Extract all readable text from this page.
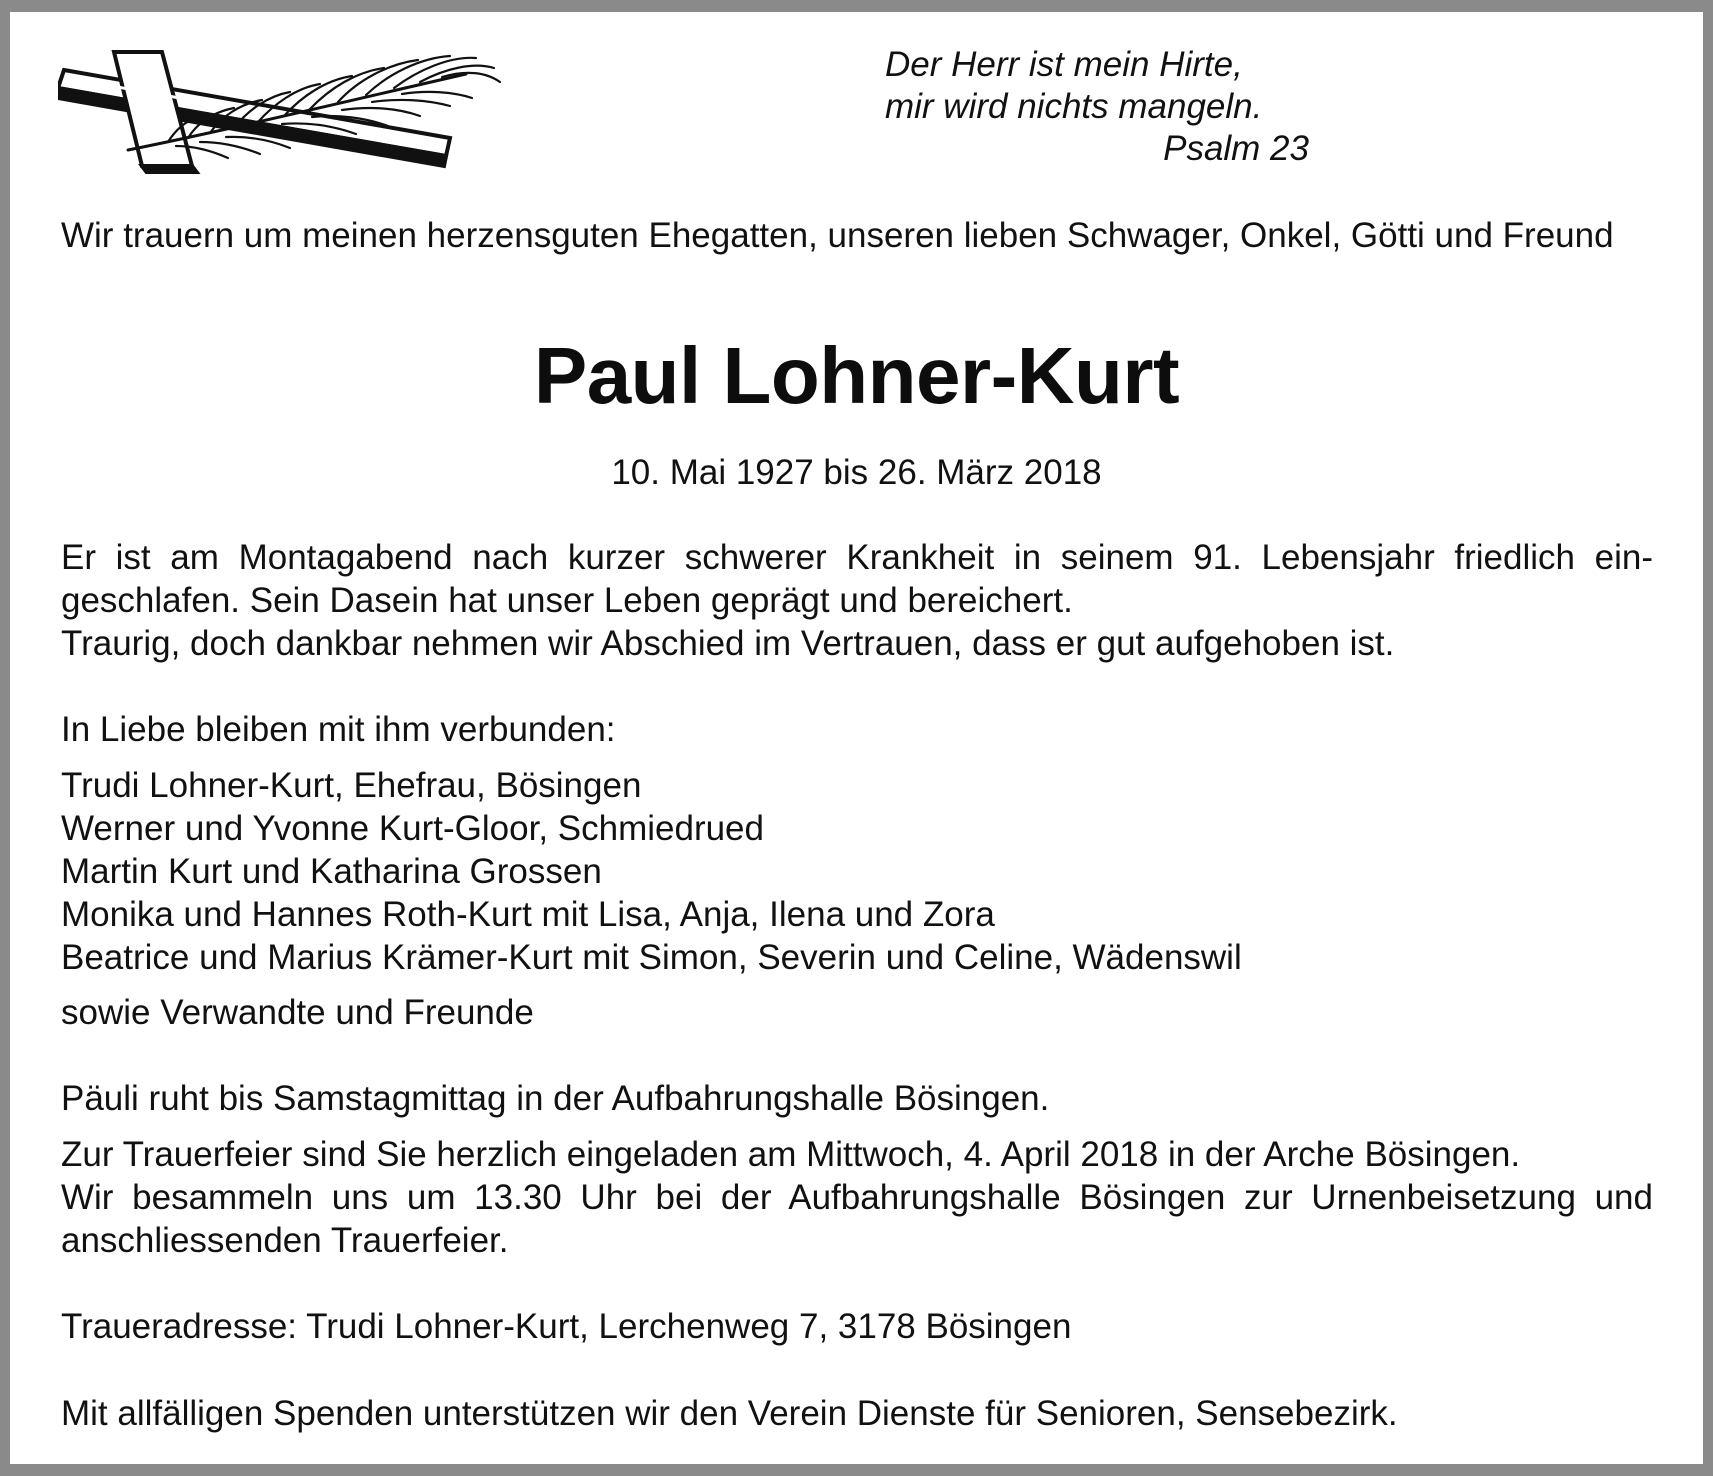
Der Herr ist mein Hirte,
mir wird nichts mangeln.
Psalm 23
Wir trauern um meinen herzensguten Ehegatten, unseren lieben Schwager, Onkel, Götti und Freund
Paul Lohner-Kurt
10. Mai 1927 bis 26. März 2018
Er ist am Montagabend nach kurzer schwerer Krankheit in seinem 91. Lebensjahr friedlich ein-
geschlafen. Sein Dasein hat unser Leben geprägt und bereichert.
Traurig, doch dankbar nehmen wir Abschied im Vertrauen, dass er gut aufgehoben ist.
In Liebe bleiben mit ihm verbunden:
Trudi Lohner-Kurt, Ehefrau, Bösingen
Werner und Yvonne Kurt-Gloor, Schmiedrued
Martin Kurt und Katharina Grossen
Monika und Hannes Roth-Kurt mit Lisa, Anja, Ilena und Zora
Beatrice und Marius Krämer-Kurt mit Simon, Severin und Celine, Wädenswil
sowie Verwandte und Freunde
Päuli ruht bis Samstagmittag in der Aufbahrungshalle Bösingen.
Zur Trauerfeier sind Sie herzlich eingeladen am Mittwoch, 4. April 2018 in der Arche Bösingen.
Wir besammeln uns um 13.30 Uhr bei der Aufbahrungshalle Bösingen zur Urnenbeisetzung und
anschliessenden Trauerfeier.
Traueradresse: Trudi Lohner-Kurt, Lerchenweg 7, 3178 Bösingen
Mit allfälligen Spenden unterstützen wir den Verein Dienste für Senioren, Sensebezirk.
